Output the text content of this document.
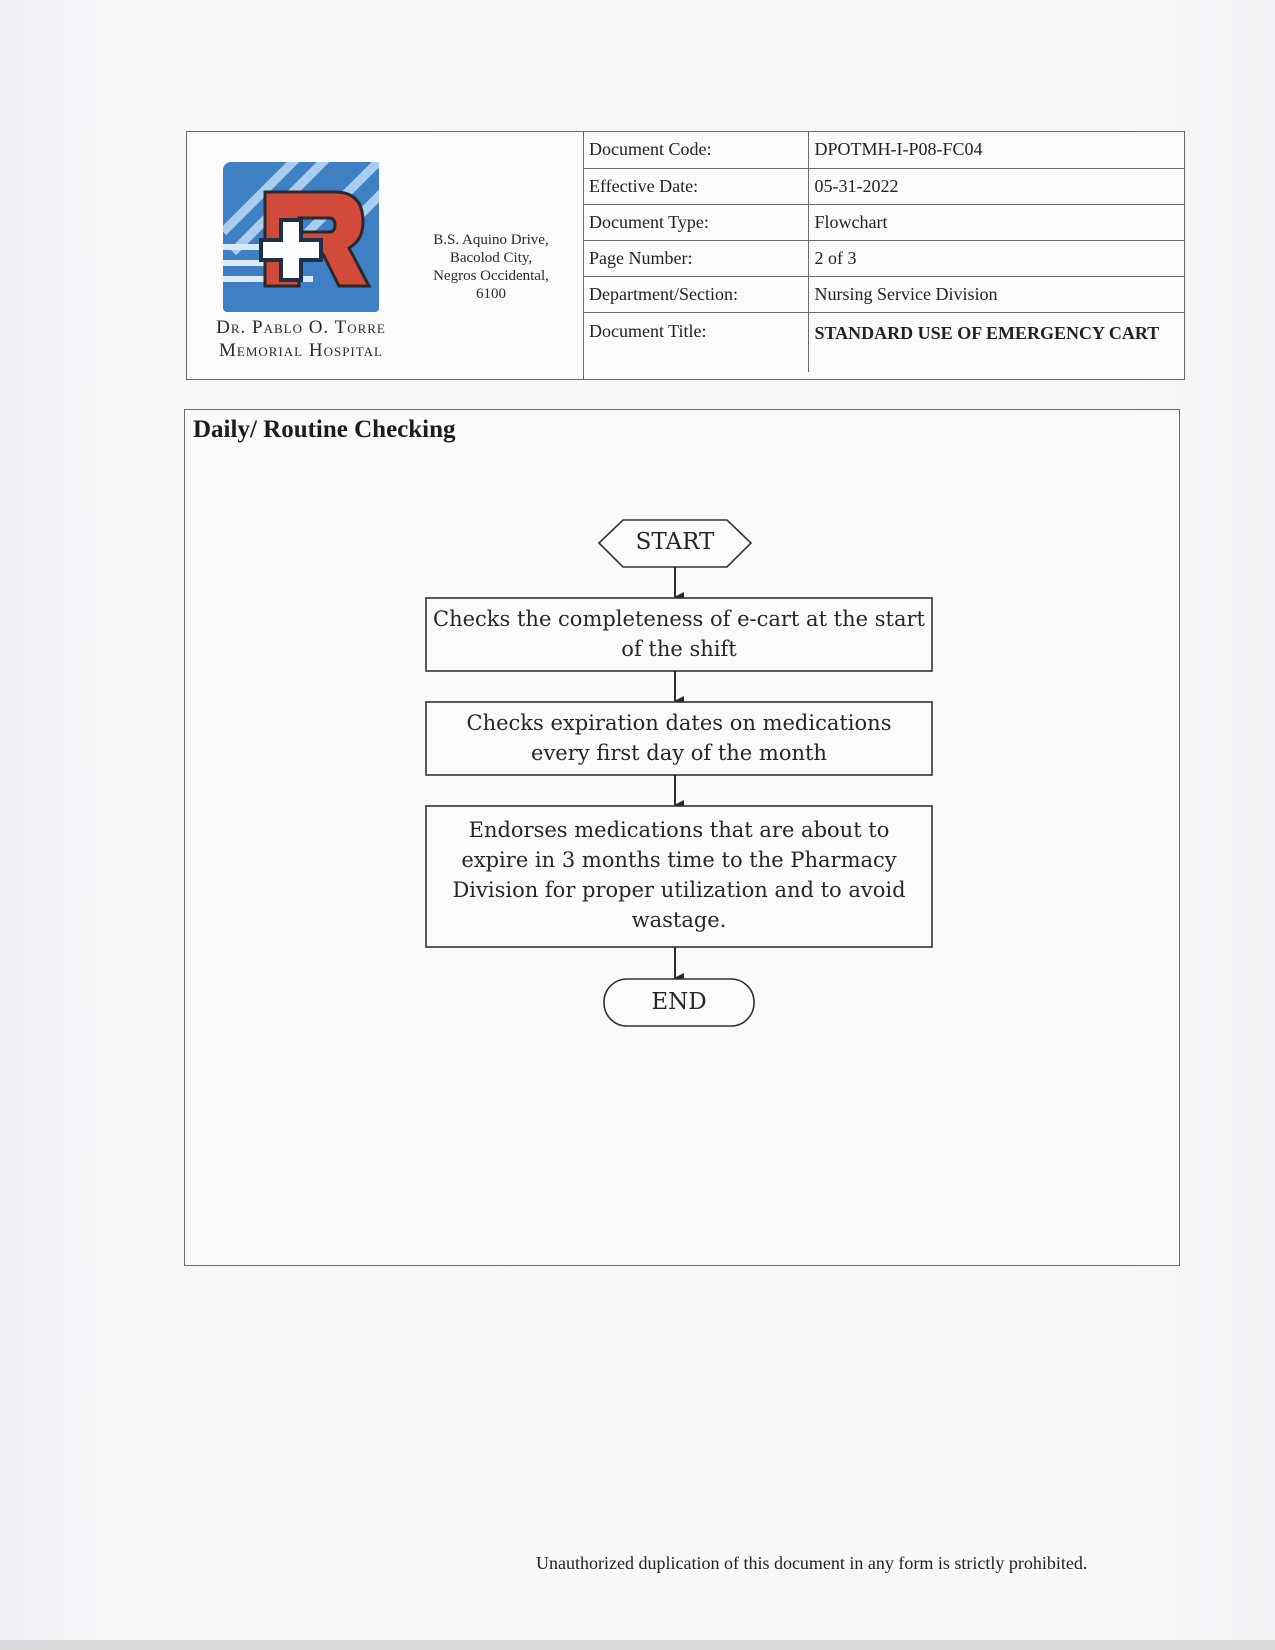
Dr. Pablo O. Torre
Memorial Hospital
B.S. Aquino Drive,
Bacolod City,
Negros Occidental,
6100
Document Code:	DPOTMH-I-P08-FC04
Effective Date:	05-31-2022
Document Type:	Flowchart
Page Number:	2 of 3
Department/Section:	Nursing Service Division
Document Title:	STANDARD USE OF EMERGENCY CART
Daily/ Routine Checking
START
Checks the completeness of e-cart at the start of the shift
Checks expiration dates on medications every first day of the month
Endorses medications that are about to expire in 3 months time to the Pharmacy Division for proper utilization and to avoid wastage.
END
Unauthorized duplication of this document in any form is strictly prohibited.
